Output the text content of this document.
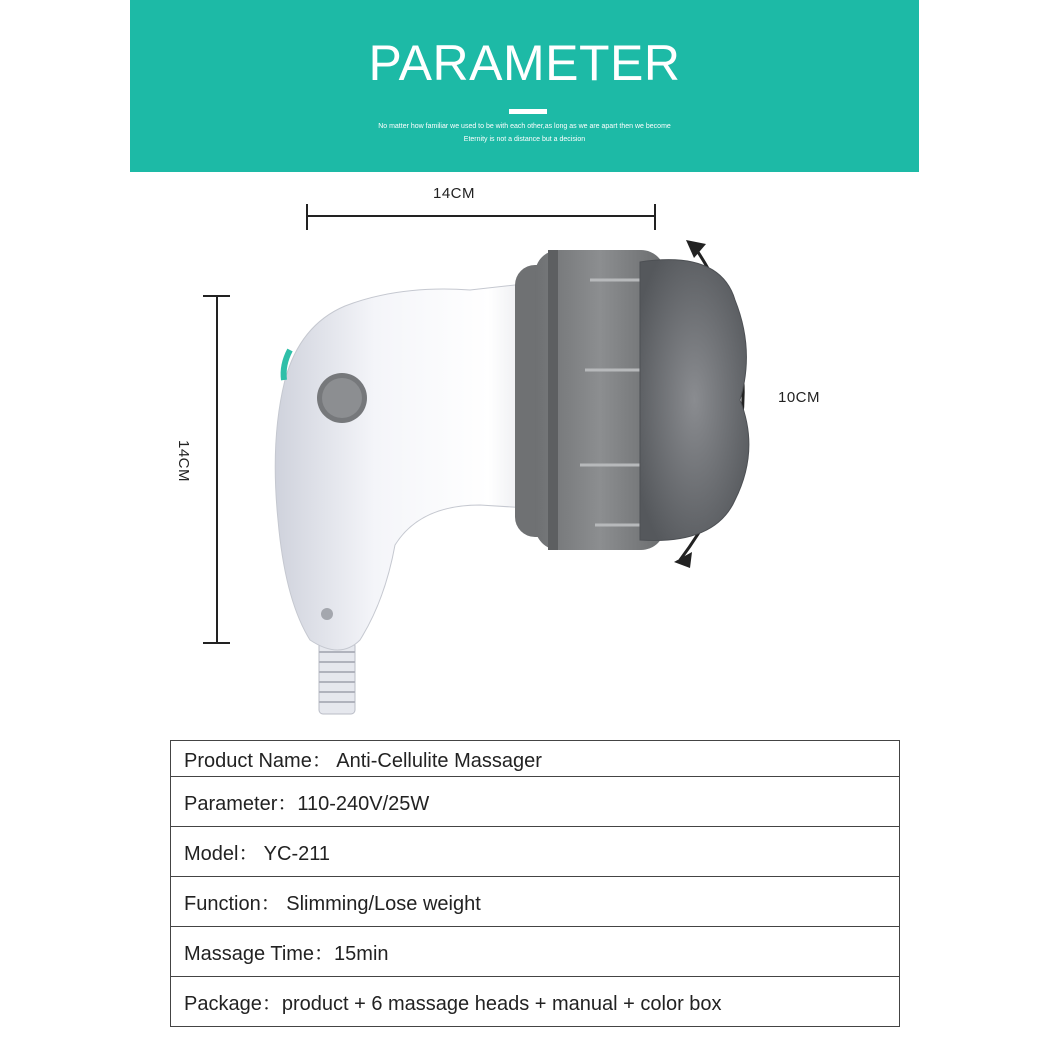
PARAMETER
No matter how familiar we used to be with each other,as long as we are apart then we become
Eternity is not a distance but a decision
14CM
14CM
10CM
Product Name： Anti-Cellulite Massager
Parameter：110-240V/25W
Model： YC-211
Function： Slimming/Lose weight
Massage Time：15min
Package：product + 6 massage heads + manual + color box
